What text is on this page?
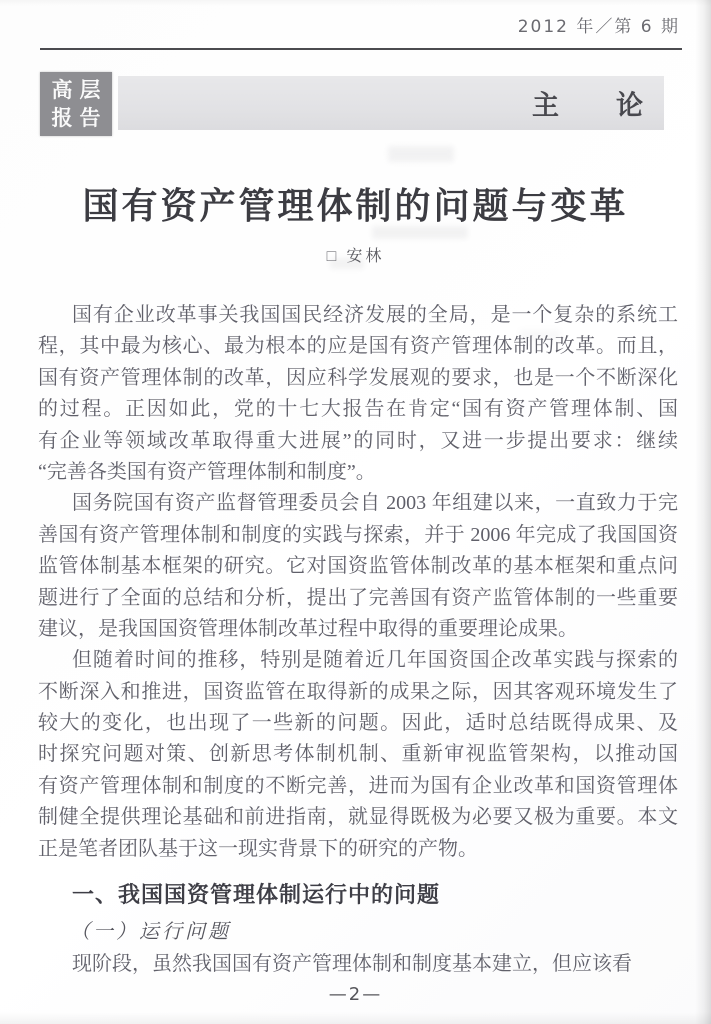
2012 年／第 6 期
高层
报告	主　　论
国有资产管理体制的问题与变革
□ 安林
国有企业改革事关我国国民经济发展的全局，是一个复杂的系统工
程，其中最为核心、最为根本的应是国有资产管理体制的改革。而且，
国有资产管理体制的改革，因应科学发展观的要求，也是一个不断深化
的过程。正因如此，党的十七大报告在肯定“国有资产管理体制、国
有企业等领域改革取得重大进展”的同时，又进一步提出要求：继续
“完善各类国有资产管理体制和制度”。
国务院国有资产监督管理委员会自 2003 年组建以来，一直致力于完
善国有资产管理体制和制度的实践与探索，并于 2006 年完成了我国国资
监管体制基本框架的研究。它对国资监管体制改革的基本框架和重点问
题进行了全面的总结和分析，提出了完善国有资产监管体制的一些重要
建议，是我国国资管理体制改革过程中取得的重要理论成果。
但随着时间的推移，特别是随着近几年国资国企改革实践与探索的
不断深入和推进，国资监管在取得新的成果之际，因其客观环境发生了
较大的变化，也出现了一些新的问题。因此，适时总结既得成果、及
时探究问题对策、创新思考体制机制、重新审视监管架构，以推动国
有资产管理体制和制度的不断完善，进而为国有企业改革和国资管理体
制健全提供理论基础和前进指南，就显得既极为必要又极为重要。本文
正是笔者团队基于这一现实背景下的研究的产物。
一、我国国资管理体制运行中的问题
（一）运行问题
现阶段，虽然我国国有资产管理体制和制度基本建立，但应该看
—2—
